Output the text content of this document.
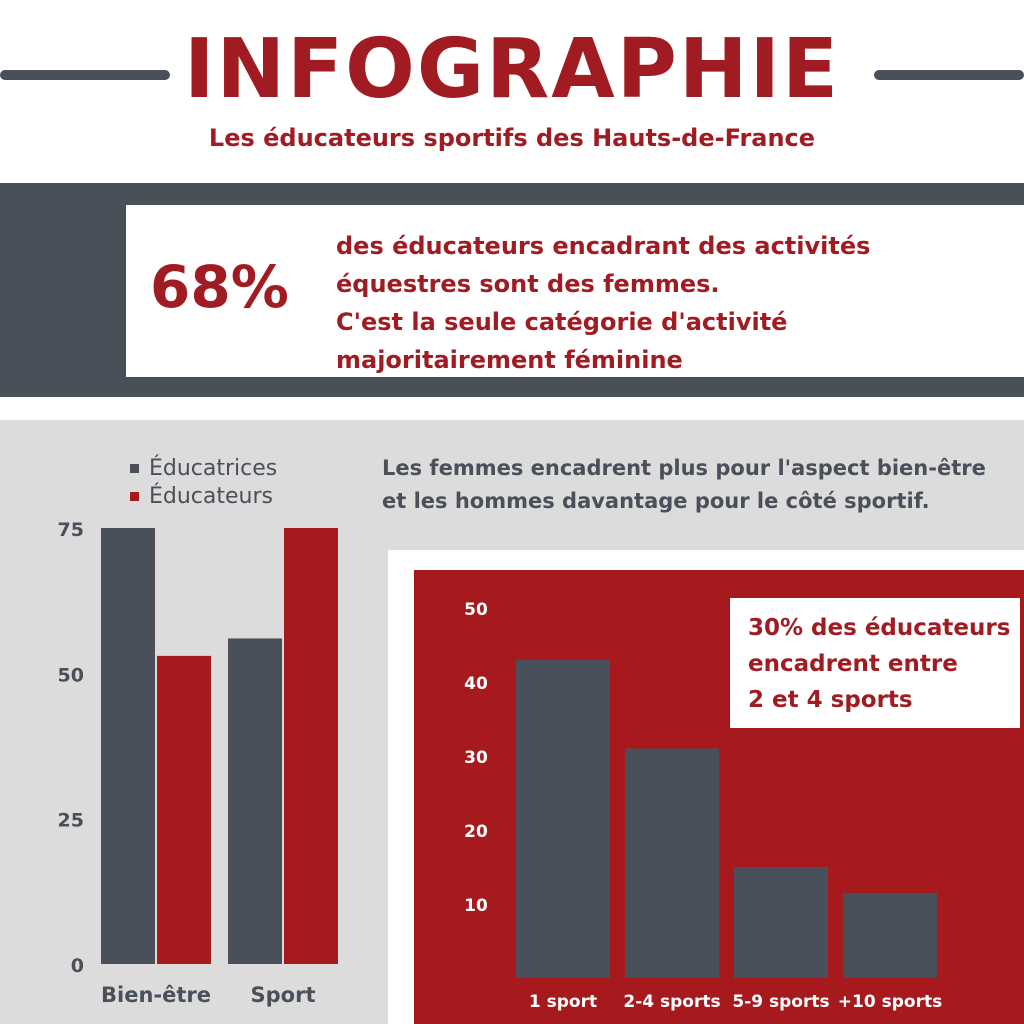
INFOGRAPHIE
Les éducateurs sportifs des Hauts-de-France
68%
des éducateurs encadrant des activités
équestres sont des femmes.
C'est la seule catégorie d'activité
majoritairement féminine
Éducatrices
Éducateurs
0
25
50
75
Bien-être Sport
Les femmes encadrent plus pour l'aspect bien-être
et les hommes davantage pour le côté sportif.
10
20
30
40
50
1 sport 2-4 sports 5-9 sports +10 sports
30% des éducateurs
encadrent entre
2 et 4 sports
